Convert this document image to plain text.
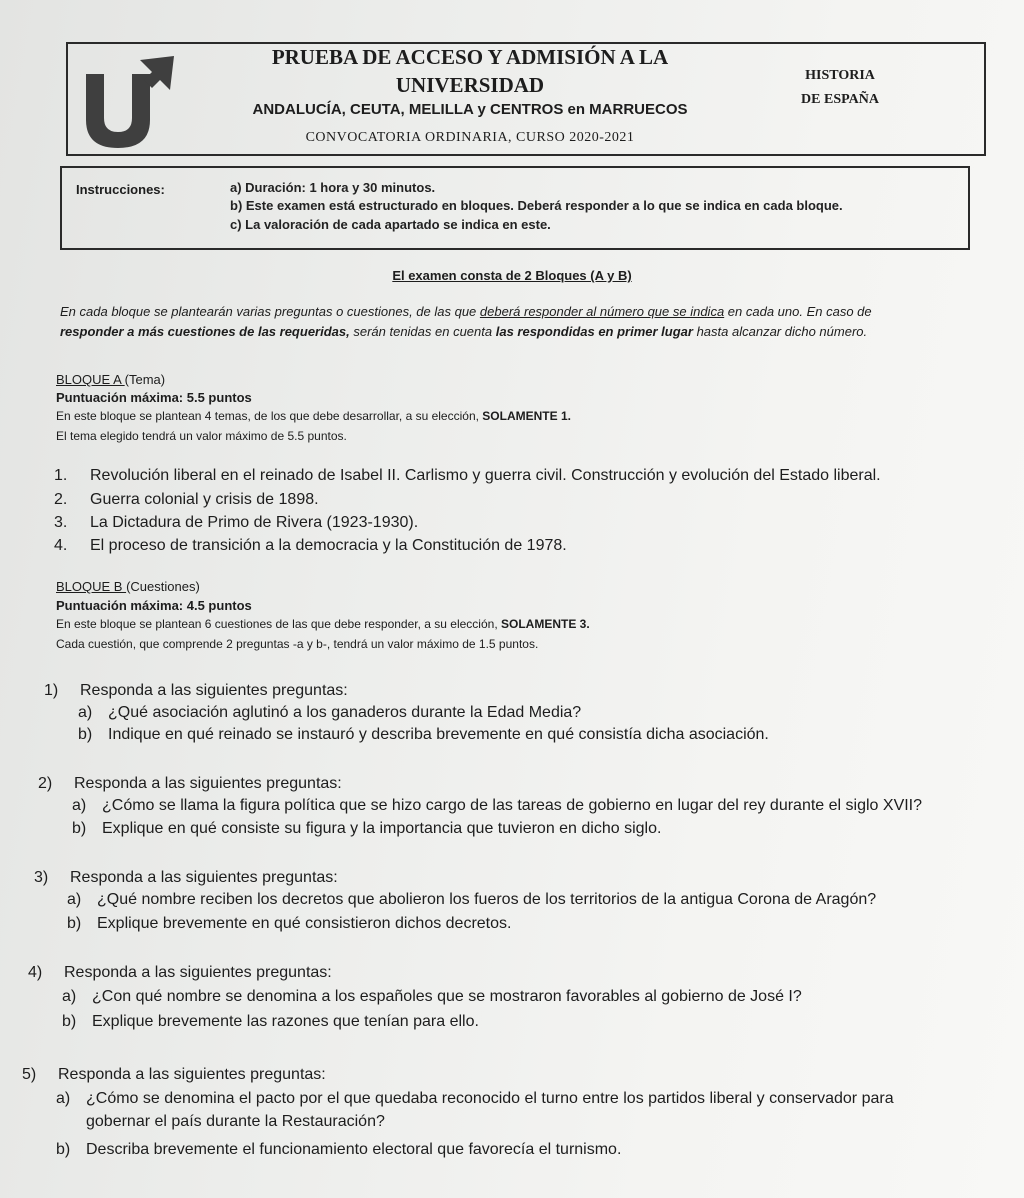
PRUEBA DE ACCESO Y ADMISIÓN A LA
UNIVERSIDAD
ANDALUCÍA, CEUTA, MELILLA y CENTROS en MARRUECOS
CONVOCATORIA ORDINARIA, CURSO 2020-2021
HISTORIA
DE ESPAÑA
Instrucciones:	a) Duración: 1 hora y 30 minutos.
b) Este examen está estructurado en bloques. Deberá responder a lo que se indica en cada bloque.
c) La valoración de cada apartado se indica en este.
El examen consta de 2 Bloques (A y B)
En cada bloque se plantearán varias preguntas o cuestiones, de las que deberá responder al número que se indica en cada uno. En caso de
responder a más cuestiones de las requeridas, serán tenidas en cuenta las respondidas en primer lugar hasta alcanzar dicho número.
BLOQUE A (Tema)
Puntuación máxima: 5.5 puntos
En este bloque se plantean 4 temas, de los que debe desarrollar, a su elección, SOLAMENTE 1.
El tema elegido tendrá un valor máximo de 5.5 puntos.
1. Revolución liberal en el reinado de Isabel II. Carlismo y guerra civil. Construcción y evolución del Estado liberal.
2. Guerra colonial y crisis de 1898.
3. La Dictadura de Primo de Rivera (1923-1930).
4. El proceso de transición a la democracia y la Constitución de 1978.
BLOQUE B (Cuestiones)
Puntuación máxima: 4.5 puntos
En este bloque se plantean 6 cuestiones de las que debe responder, a su elección, SOLAMENTE 3.
Cada cuestión, que comprende 2 preguntas -a y b-, tendrá un valor máximo de 1.5 puntos.
1) Responda a las siguientes preguntas:
a) ¿Qué asociación aglutinó a los ganaderos durante la Edad Media?
b) Indique en qué reinado se instauró y describa brevemente en qué consistía dicha asociación.
2) Responda a las siguientes preguntas:
a) ¿Cómo se llama la figura política que se hizo cargo de las tareas de gobierno en lugar del rey durante el siglo XVII?
b) Explique en qué consiste su figura y la importancia que tuvieron en dicho siglo.
3) Responda a las siguientes preguntas:
a) ¿Qué nombre reciben los decretos que abolieron los fueros de los territorios de la antigua Corona de Aragón?
b) Explique brevemente en qué consistieron dichos decretos.
4) Responda a las siguientes preguntas:
a) ¿Con qué nombre se denomina a los españoles que se mostraron favorables al gobierno de José I?
b) Explique brevemente las razones que tenían para ello.
5) Responda a las siguientes preguntas:
a) ¿Cómo se denomina el pacto por el que quedaba reconocido el turno entre los partidos liberal y conservador para
gobernar el país durante la Restauración?
b) Describa brevemente el funcionamiento electoral que favorecía el turnismo.
